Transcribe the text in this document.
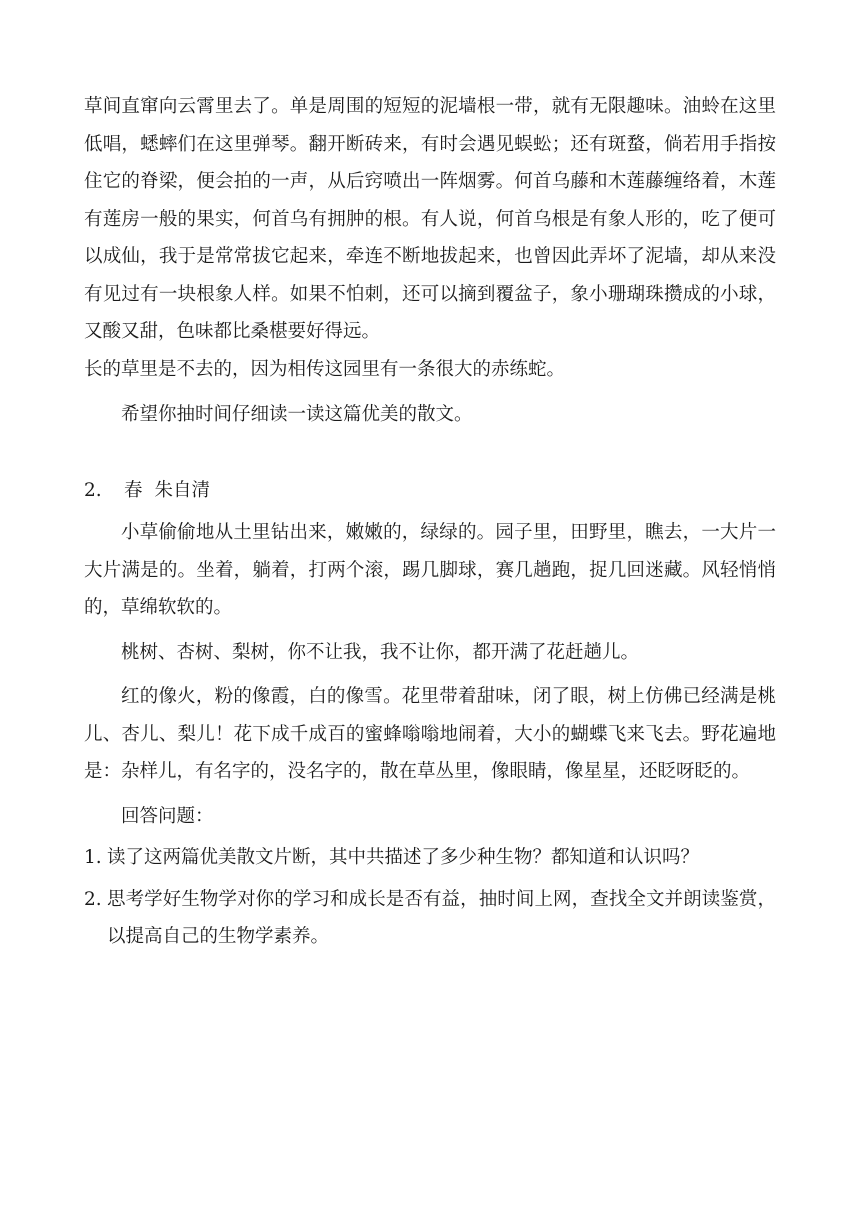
草间直窜向云霄里去了。单是周围的短短的泥墙根一带，就有无限趣味。油蛉在这里低唱，蟋蟀们在这里弹琴。翻开断砖来，有时会遇见蜈蚣；还有斑蝥，倘若用手指按住它的脊梁，便会拍的一声，从后窍喷出一阵烟雾。何首乌藤和木莲藤缠络着，木莲有莲房一般的果实，何首乌有拥肿的根。有人说，何首乌根是有象人形的，吃了便可以成仙，我于是常常拔它起来，牵连不断地拔起来，也曾因此弄坏了泥墙，却从来没有见过有一块根象人样。如果不怕刺，还可以摘到覆盆子，象小珊瑚珠攒成的小球，又酸又甜，色味都比桑椹要好得远。

长的草里是不去的，因为相传这园里有一条很大的赤练蛇。

希望你抽时间仔细读一读这篇优美的散文。

2.	春 朱自清

小草偷偷地从土里钻出来，嫩嫩的，绿绿的。园子里，田野里，瞧去，一大片一大片满是的。坐着，躺着，打两个滚，踢几脚球，赛几趟跑，捉几回迷藏。风轻悄悄的，草绵软软的。

桃树、杏树、梨树，你不让我，我不让你，都开满了花赶趟儿。

红的像火，粉的像霞，白的像雪。花里带着甜味，闭了眼，树上仿佛已经满是桃儿、杏儿、梨儿！花下成千成百的蜜蜂嗡嗡地闹着，大小的蝴蝶飞来飞去。野花遍地是：杂样儿，有名字的，没名字的，散在草丛里，像眼睛，像星星，还眨呀眨的。

回答问题：

1. 读了这两篇优美散文片断，其中共描述了多少种生物？都知道和认识吗？
2. 思考学好生物学对你的学习和成长是否有益，抽时间上网，查找全文并朗读鉴赏，以提高自己的生物学素养。
